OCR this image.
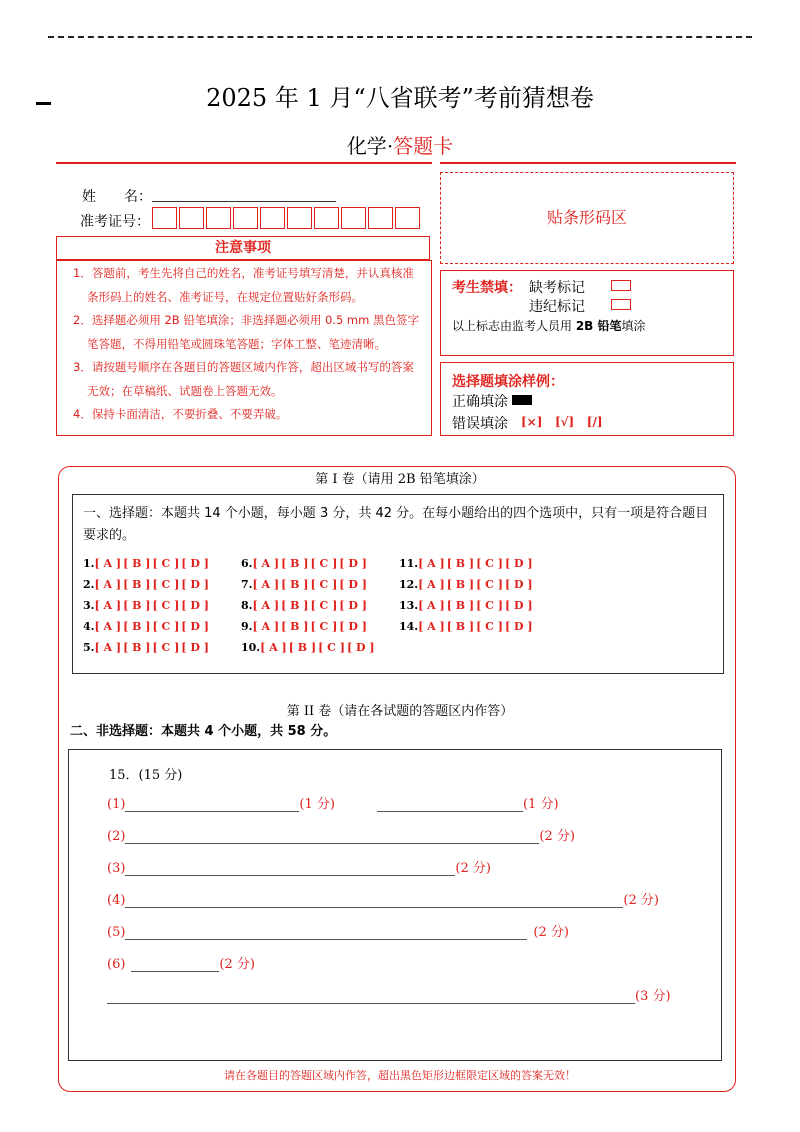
2025 年 1 月“八省联考”考前猜想卷
化学·答题卡
姓　　名：
准考证号：	贴条形码区
注意事项

1．答题前，考生先将自己的姓名，准考证号填写清楚，并认真核准条形码上的姓名、准考证号，在规定位置贴好条形码。

2．选择题必须用 2B 铅笔填涂；非选择题必须用 0.5 mm 黑色签字笔答题，不得用铅笔或圆珠笔答题；字体工整、笔迹清晰。

3．请按题号顺序在各题目的答题区域内作答，超出区域书写的答案无效；在草稿纸、试题卷上答题无效。

4．保持卡面清洁，不要折叠、不要弄破。

考生禁填： 缺考标记
违纪标记
以上标志由监考人员用 2B 铅笔填涂
选择题填涂样例：
正确填涂
错误填涂 [×] [√] [/]
第 I 卷（请用 2B 铅笔填涂）
一、选择题：本题共 14 个小题，每小题 3 分，共 42 分。在每小题给出的四个选项中，只有一项是符合题目要求的。
1. [ A ] [ B ] [ C ] [ D ]
2. [ A ] [ B ] [ C ] [ D ]
3. [ A ] [ B ] [ C ] [ D ]
4. [ A ] [ B ] [ C ] [ D ]
5. [ A ] [ B ] [ C ] [ D ]
6. [ A ] [ B ] [ C ] [ D ]
7. [ A ] [ B ] [ C ] [ D ]
8. [ A ] [ B ] [ C ] [ D ]
9. [ A ] [ B ] [ C ] [ D ]
10. [ A ] [ B ] [ C ] [ D ]
11. [ A ] [ B ] [ C ] [ D ]
12. [ A ] [ B ] [ C ] [ D ]
13. [ A ] [ B ] [ C ] [ D ]
14. [ A ] [ B ] [ C ] [ D ]
第 II 卷（请在各试题的答题区内作答）
二、非选择题：本题共 4 个小题，共 58 分。
15．(15 分)
(1)	(1 分)	(1 分)
(2)	(2 分)
(3)	(2 分)
(4)	(2 分)
(5)	(2 分)
(6)	(2 分)
(3 分)
请在各题目的答题区域内作答，超出黑色矩形边框限定区域的答案无效！
